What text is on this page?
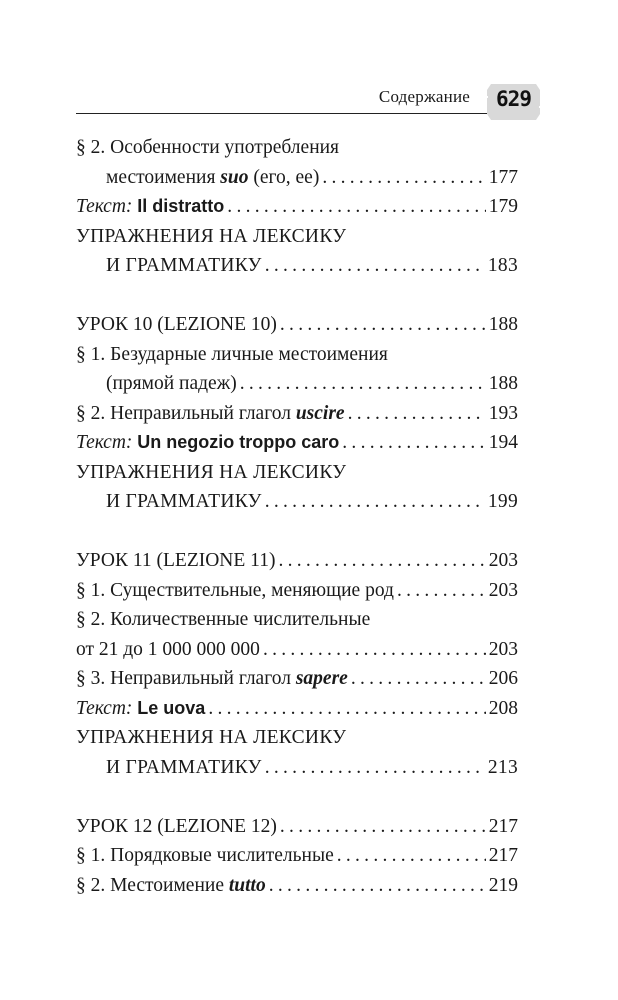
Содержание	629
§ 2. Особенности употребления
местоимения suo (его, ее) . . .	177
Текст: Il distratto . . .	179
УПРАЖНЕНИЯ НА ЛЕКСИКУ
И ГРАММАТИКУ . . .	183
УРОК 10 (LEZIONE 10) . . .	188
§ 1. Безударные личные местоимения
(прямой падеж) . . .	188
§ 2. Неправильный глагол uscire . . .	193
Текст: Un negozio troppo caro . . .	194
УПРАЖНЕНИЯ НА ЛЕКСИКУ
И ГРАММАТИКУ . . .	199
УРОК 11 (LEZIONE 11) . . .	203
§ 1. Существительные, меняющие род . . .	203
§ 2. Количественные числительные
от 21 до 1 000 000 000 . . .	203
§ 3. Неправильный глагол sapere . . .	206
Текст: Le uova . . .	208
УПРАЖНЕНИЯ НА ЛЕКСИКУ
И ГРАММАТИКУ . . .	213
УРОК 12 (LEZIONE 12) . . .	217
§ 1. Порядковые числительные . . .	217
§ 2. Местоимение tutto . . .	219
